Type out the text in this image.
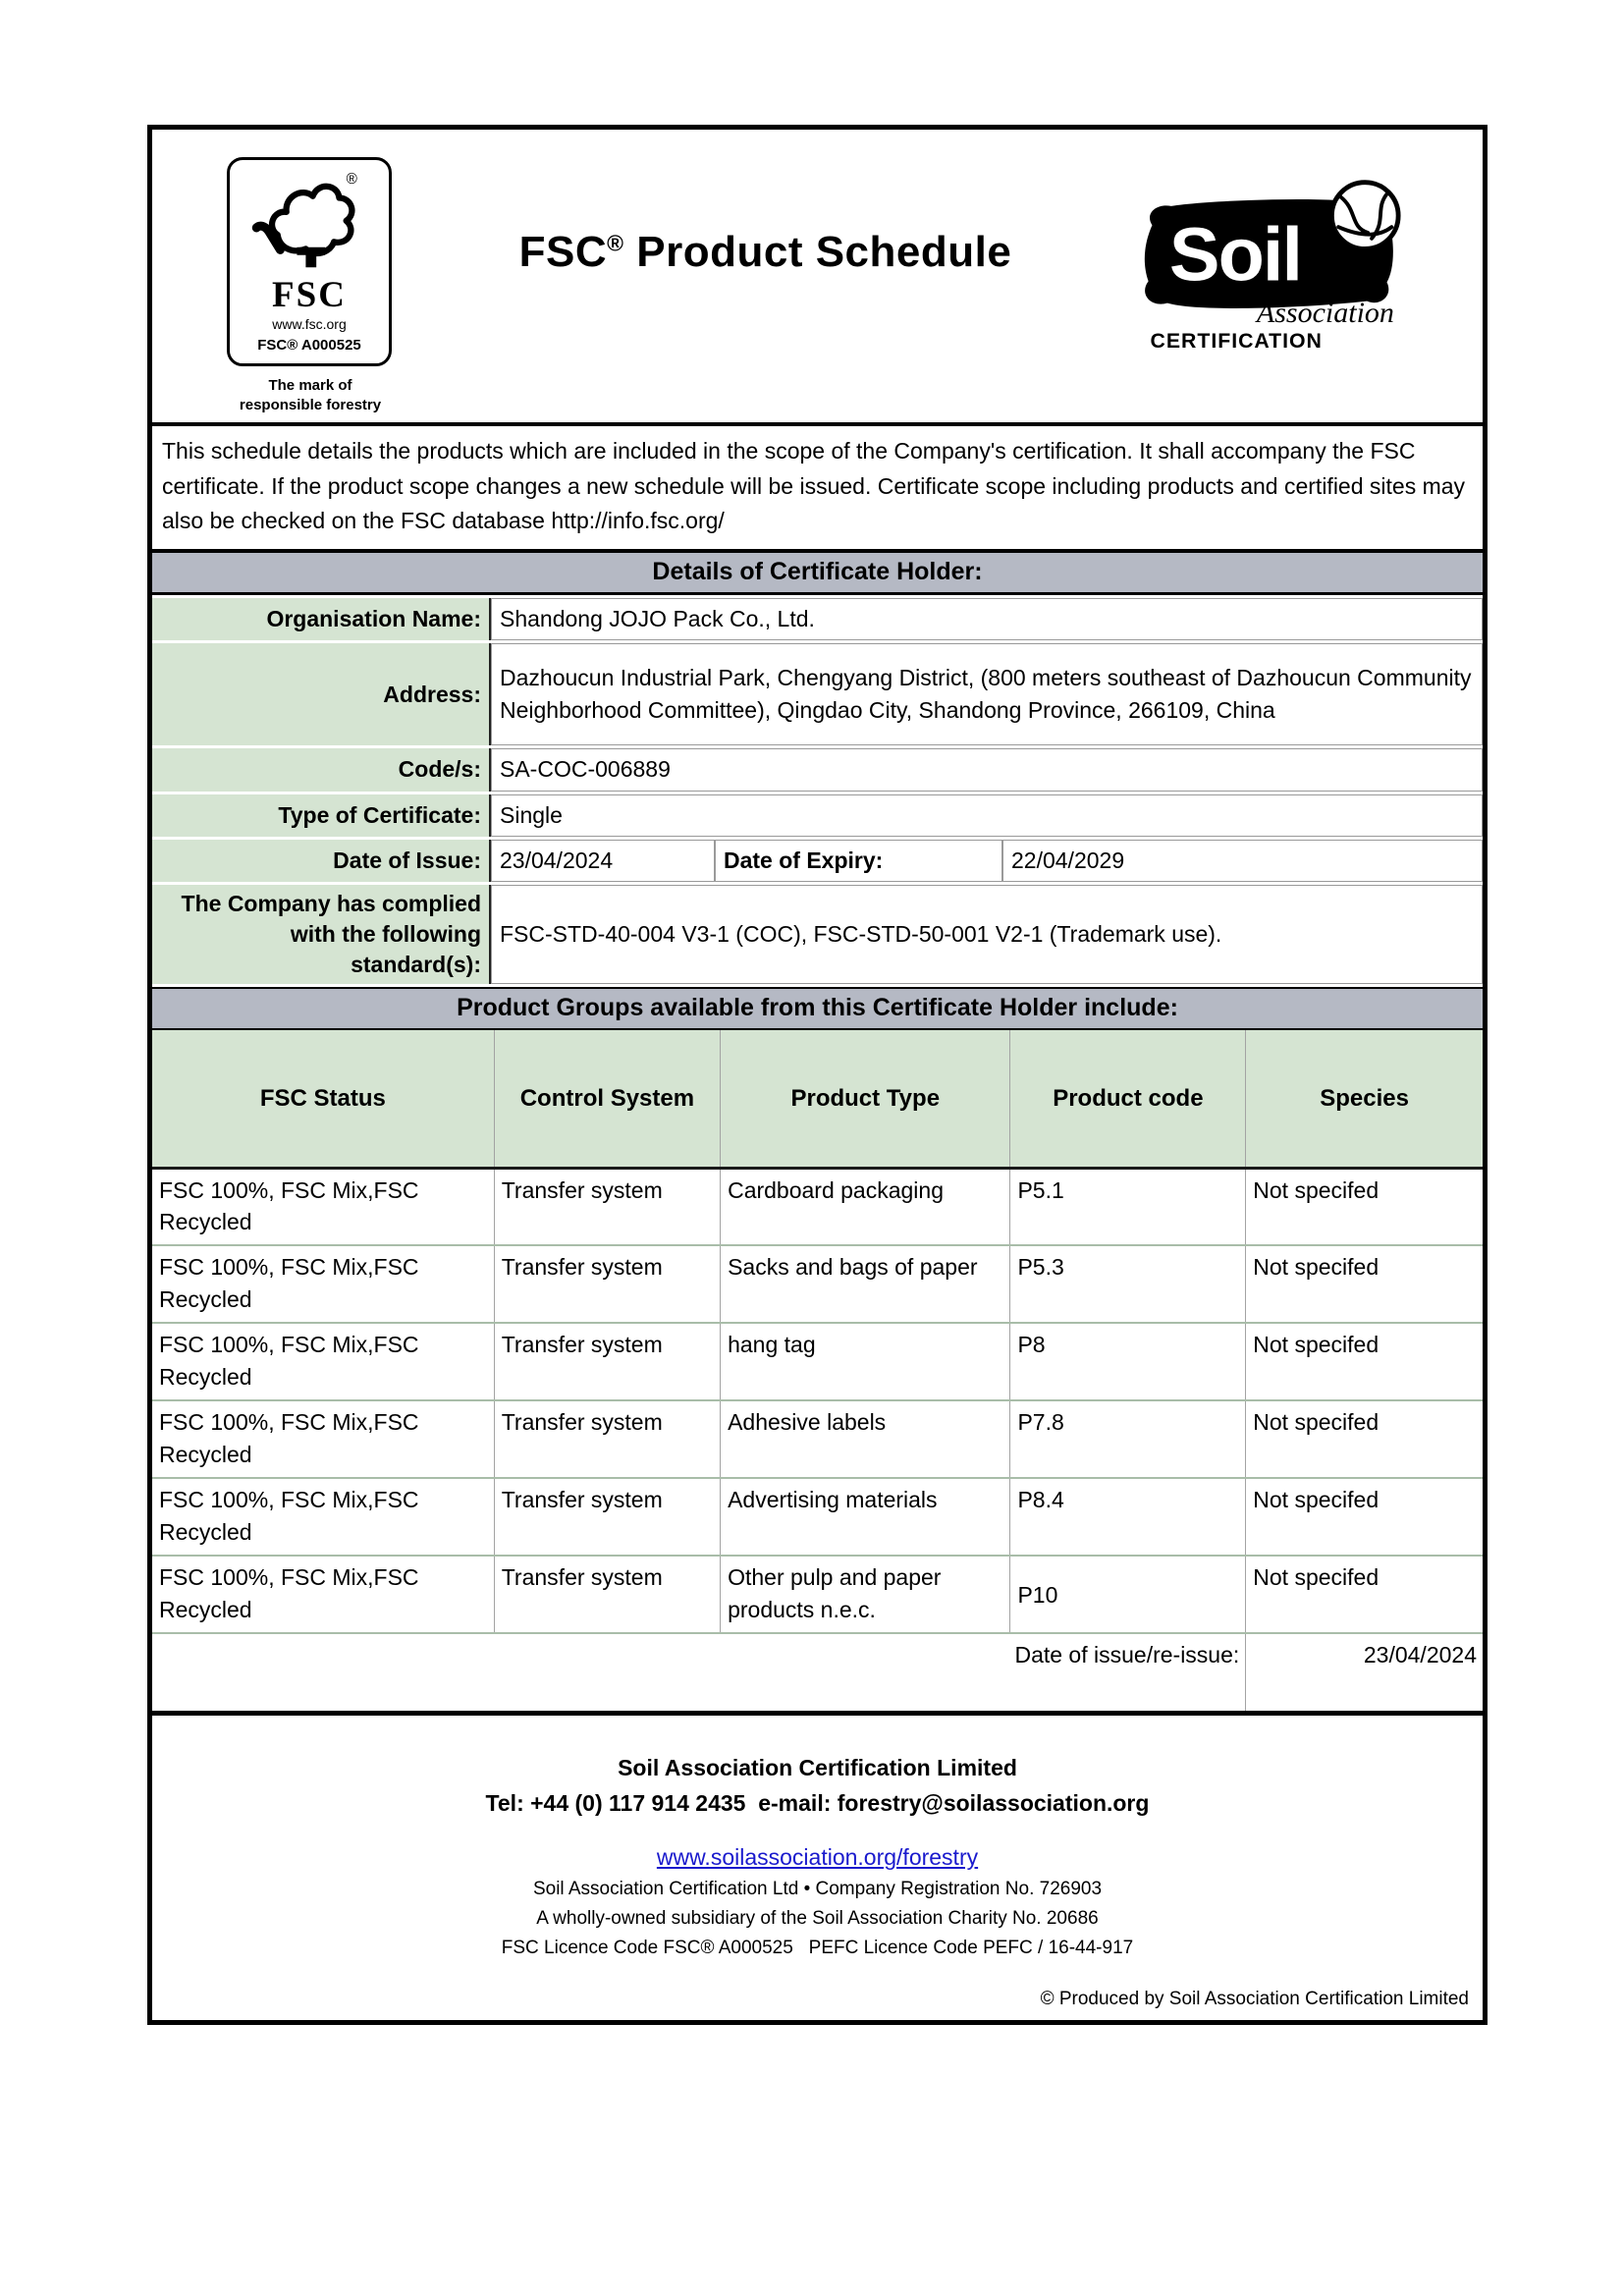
®
FSC
www.fsc.org
FSC® A000525
The mark of
responsible forestry
FSC® Product Schedule	Soil
Association
CERTIFICATION

This schedule details the products which are included in the scope of the Company's certification. It shall accompany the FSC certificate. If the product scope changes a new schedule will be issued. Certificate scope including products and certified sites may also be checked on the FSC database http://info.fsc.org/

Details of Certificate Holder:
Organisation Name:	Shandong JOJO Pack Co., Ltd.		
Address:	Dazhoucun Industrial Park, Chengyang District, (800 meters southeast of Dazhoucun Community Neighborhood Committee), Qingdao City, Shandong Province, 266109, China		
Code/s:	SA-COC-006889		
Type of Certificate:	Single		
Date of Issue:	23/04/2024	Date of Expiry:	22/04/2029
The Company has complied with the following standard(s):	FSC-STD-40-004 V3-1 (COC), FSC-STD-50-001 V2-1 (Trademark use).		
Product Groups available from this Certificate Holder include:
FSC Status	Control System	Product Type	Product code	Species
FSC 100%, FSC Mix,FSC Recycled	Transfer system	Cardboard packaging	P5.1	Not specifed
FSC 100%, FSC Mix,FSC Recycled	Transfer system	Sacks and bags of paper	P5.3	Not specifed
FSC 100%, FSC Mix,FSC Recycled	Transfer system	hang tag	P8	Not specifed
FSC 100%, FSC Mix,FSC Recycled	Transfer system	Adhesive labels	P7.8	Not specifed
FSC 100%, FSC Mix,FSC Recycled	Transfer system	Advertising materials	P8.4	Not specifed
FSC 100%, FSC Mix,FSC Recycled	Transfer system	Other pulp and paper products n.e.c.	P10	Not specifed
Date of issue/re-issue:				23/04/2024
Soil Association Certification Limited
Tel: +44 (0) 117 914 2435  e-mail: forestry@soilassociation.org
www.soilassociation.org/forestry
Soil Association Certification Ltd • Company Registration No. 726903
A wholly-owned subsidiary of the Soil Association Charity No. 20686
FSC Licence Code FSC® A000525   PEFC Licence Code PEFC / 16-44-917
© Produced by Soil Association Certification Limited
